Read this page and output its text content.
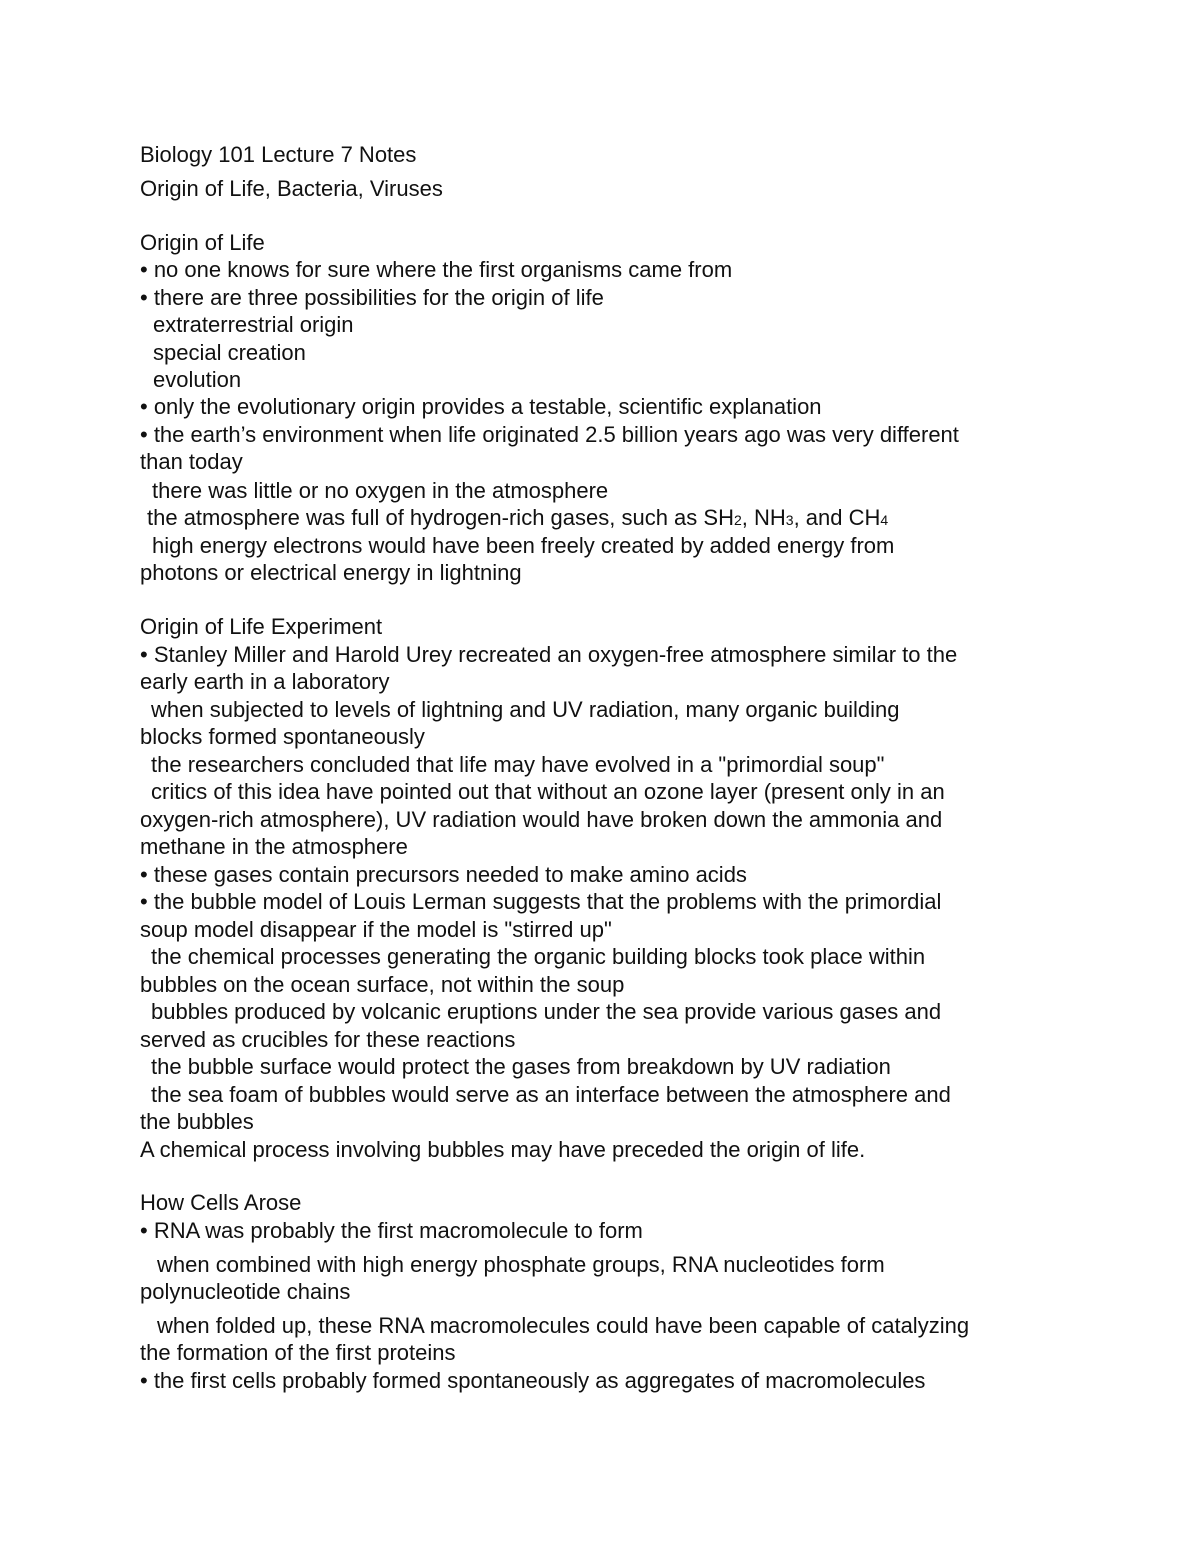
Biology 101 Lecture 7 Notes

Origin of Life, Bacteria, Viruses

Origin of Life

• no one knows for sure where the first organisms came from

• there are three possibilities for the origin of life

extraterrestrial origin

special creation

evolution

• only the evolutionary origin provides a testable, scientific explanation

• the earth’s environment when life originated 2.5 billion years ago was very different

than today

there was little or no oxygen in the atmosphere

the atmosphere was full of hydrogen-rich gases, such as SH2, NH3, and CH4

high energy electrons would have been freely created by added energy from

photons or electrical energy in lightning

Origin of Life Experiment

• Stanley Miller and Harold Urey recreated an oxygen-free atmosphere similar to the

early earth in a laboratory

when subjected to levels of lightning and UV radiation, many organic building

blocks formed spontaneously

the researchers concluded that life may have evolved in a "primordial soup"

critics of this idea have pointed out that without an ozone layer (present only in an

oxygen-rich atmosphere), UV radiation would have broken down the ammonia and

methane in the atmosphere

• these gases contain precursors needed to make amino acids

• the bubble model of Louis Lerman suggests that the problems with the primordial

soup model disappear if the model is "stirred up"

the chemical processes generating the organic building blocks took place within

bubbles on the ocean surface, not within the soup

bubbles produced by volcanic eruptions under the sea provide various gases and

served as crucibles for these reactions

the bubble surface would protect the gases from breakdown by UV radiation

the sea foam of bubbles would serve as an interface between the atmosphere and

the bubbles

A chemical process involving bubbles may have preceded the origin of life.

How Cells Arose

• RNA was probably the first macromolecule to form

when combined with high energy phosphate groups, RNA nucleotides form

polynucleotide chains

when folded up, these RNA macromolecules could have been capable of catalyzing

the formation of the first proteins

• the first cells probably formed spontaneously as aggregates of macromolecules
